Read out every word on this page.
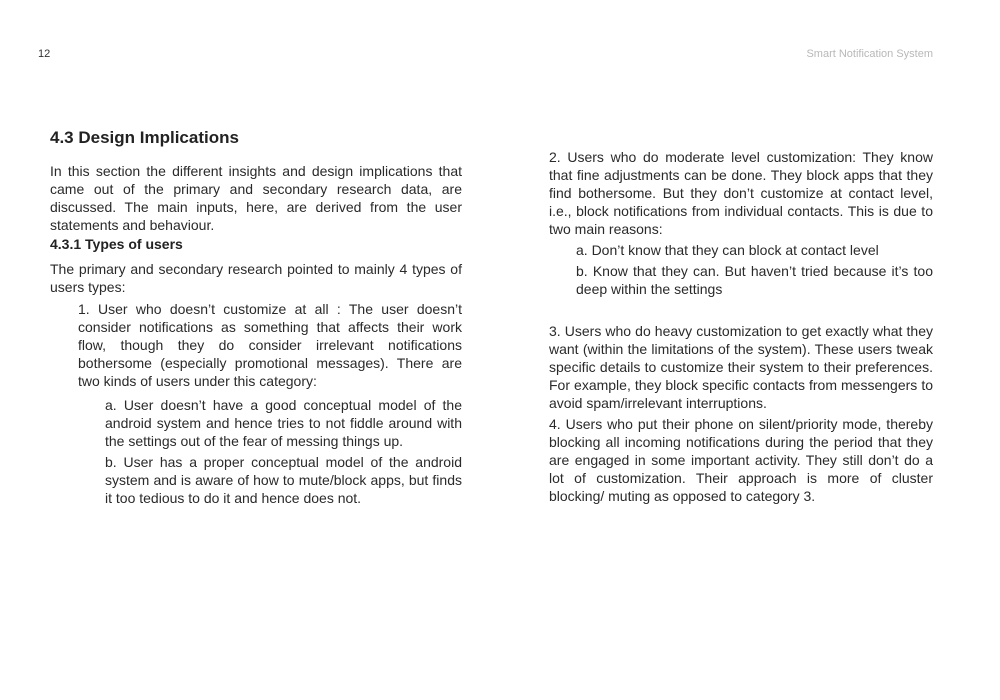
12	Smart Notification System
4.3 Design Implications

In this section the different insights and design implications that came out of the primary and secondary research data, are discussed. The main inputs, here, are derived from the user statements and behaviour.

4.3.1 Types of users

The primary and secondary research pointed to mainly 4 types of users types:

1. User who doesn’t customize at all : The user doesn’t consider notifications as something that affects their work flow, though they do consider irrelevant notifications bothersome (especially promotional messages). There are two kinds of users under this category:

a. User doesn’t have a good conceptual model of the android system and hence tries to not fiddle around with the settings out of the fear of messing things up.

b. User has a proper conceptual model of the android system and is aware of how to mute/block apps, but finds it too tedious to do it and hence does not.

2. Users who do moderate level customization: They know that fine adjustments can be done. They block apps that they find bothersome. But they don’t customize at contact level, i.e., block notifications from individual contacts. This is due to two main reasons:

a. Don’t know that they can block at contact level

b. Know that they can. But haven’t tried because it’s too deep within the settings

3. Users who do heavy customization to get exactly what they want (within the limitations of the system). These users tweak specific details to customize their system to their preferences. For example, they block specific contacts from messengers to avoid spam/irrelevant interruptions.

4. Users who put their phone on silent/priority mode, thereby blocking all incoming notifications during the period that they are engaged in some important activity. They still don’t do a lot of customization. Their approach is more of cluster blocking/ muting as opposed to category 3.
